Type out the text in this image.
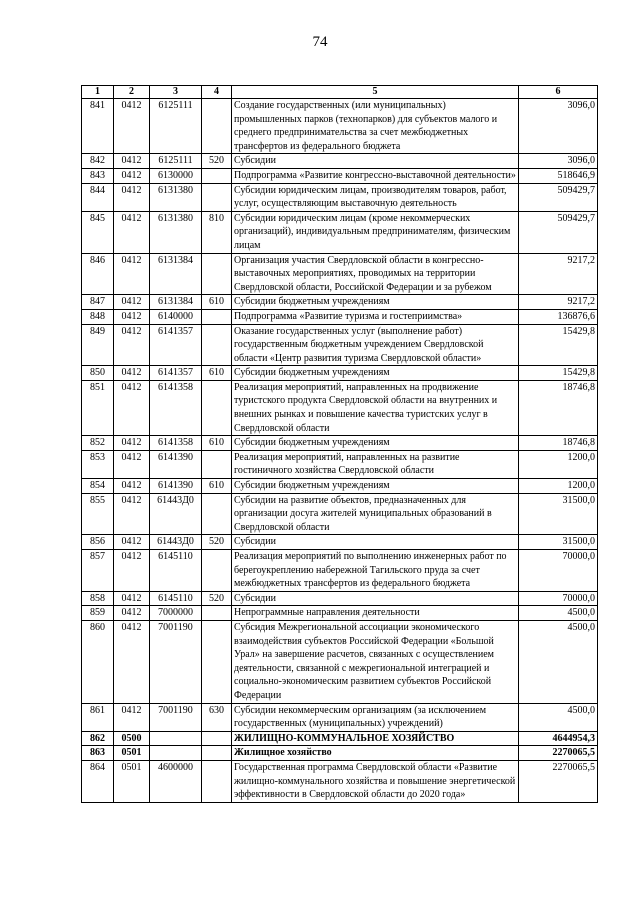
74
1	2	3	4	5	6
841	0412	6125111		Создание государственных (или муниципальных) промышленных парков (технопарков) для субъектов малого и среднего предпринимательства за счет межбюджетных трансфертов из федерального бюджета	3096,0
842	0412	6125111	520	Субсидии	3096,0
843	0412	6130000		Подпрограмма «Развитие конгрессно-выставочной деятельности»	518646,9
844	0412	6131380		Субсидии юридическим лицам, производителям товаров, работ, услуг, осуществляющим выставочную деятельность	509429,7
845	0412	6131380	810	Субсидии юридическим лицам (кроме некоммерческих организаций), индивидуальным предпринимателям, физическим лицам	509429,7
846	0412	6131384		Организация участия Свердловской области в конгрессно-выставочных мероприятиях, проводимых на территории Свердловской области, Российской Федерации и за рубежом	9217,2
847	0412	6131384	610	Субсидии бюджетным учреждениям	9217,2
848	0412	6140000		Подпрограмма «Развитие туризма и гостеприимства»	136876,6
849	0412	6141357		Оказание государственных услуг (выполнение работ) государственным бюджетным учреждением Свердловской области «Центр развития туризма Свердловской области»	15429,8
850	0412	6141357	610	Субсидии бюджетным учреждениям	15429,8
851	0412	6141358		Реализация мероприятий, направленных на продвижение туристского продукта Свердловской области на внутренних и внешних рынках и повышение качества туристских услуг в Свердловской области	18746,8
852	0412	6141358	610	Субсидии бюджетным учреждениям	18746,8
853	0412	6141390		Реализация мероприятий, направленных на развитие гостиничного хозяйства Свердловской области	1200,0
854	0412	6141390	610	Субсидии бюджетным учреждениям	1200,0
855	0412	61443Д0		Субсидии на развитие объектов, предназначенных для организации досуга жителей муниципальных образований в Свердловской области	31500,0
856	0412	61443Д0	520	Субсидии	31500,0
857	0412	6145110		Реализация мероприятий по выполнению инженерных работ по берегоукреплению набережной Тагильского пруда за счет межбюджетных трансфертов из федерального бюджета	70000,0
858	0412	6145110	520	Субсидии	70000,0
859	0412	7000000		Непрограммные направления деятельности	4500,0
860	0412	7001190		Субсидия Межрегиональной ассоциации экономического взаимодействия субъектов Российской Федерации «Большой Урал» на завершение расчетов, связанных с осуществлением деятельности, связанной с межрегиональной интеграцией и социально-экономическим развитием субъектов Российской Федерации	4500,0
861	0412	7001190	630	Субсидии некоммерческим организациям (за исключением государственных (муниципальных) учреждений)	4500,0
862	0500			ЖИЛИЩНО-КОММУНАЛЬНОЕ ХОЗЯЙСТВО	4644954,3
863	0501			Жилищное хозяйство	2270065,5
864	0501	4600000		Государственная программа Свердловской области «Развитие жилищно-коммунального хозяйства и повышение энергетической эффективности в Свердловской области до 2020 года»	2270065,5
